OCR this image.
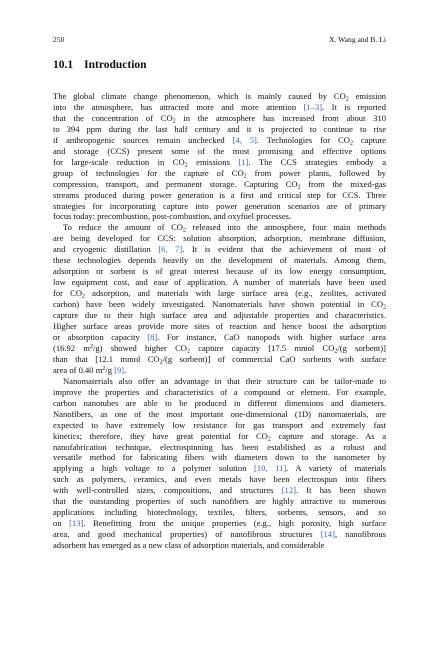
250	X. Wang and B. Li
10.1 Introduction
The global climate change phenomenon, which is mainly caused by $CO_2$ emission
into the atmosphere, has attracted more and more attention [1–3]. It is reported
that the concentration of $CO_2$ in the atmosphere has increased from about 310
to 394 ppm during the last half century and it is projected to continue to rise
if anthropogenic sources remain unchecked [4, 5]. Technologies for $CO_2$ capture
and storage (CCS) present some of the most promising and effective options
for large-scale reduction in $CO_2$ emissions [1]. The CCS strategies embody a
group of technologies for the capture of $CO_2$ from power plants, followed by
compression, transport, and permanent storage. Capturing $CO_2$ from the mixed-gas
streams produced during power generation is a first and critical step for CCS. Three
strategies for incorporating capture into power generation scenarios are of primary
focus today: precombustion, post-combustion, and oxyfuel processes.
To reduce the amount of $CO_2$ released into the atmosphere, four main methods
are being developed for CCS: solution absorption, adsorption, membrane diffusion,
and cryogenic distillation [6, 7]. It is evident that the achievement of most of
these technologies depends heavily on the development of materials. Among them,
adsorption or sorbent is of great interest because of its low energy consumption,
low equipment cost, and ease of application. A number of materials have been used
for $CO_2$ adsorption, and materials with large surface area (e.g., zeolites, activated
carbon) have been widely investigated. Nanomaterials have shown potential in $CO_2$
capture due to their high surface area and adjustable properties and characteristics.
Higher surface areas provide more sites of reaction and hence boost the adsorption
or absorption capacity [8]. For instance, CaO nanopods with higher surface area
(16.92 $m^2/g$) showed higher $CO_2$ capture capacity [17.5 mmol $CO_2/(g$ sorbent)]
than that [12.1 mmol $CO_2/(g$ sorbent)] of commercial CaO sorbents with surface
area of 0.40 $m^2/g$ [9].
Nanomaterials also offer an advantage in that their structure can be tailor-made to
improve the properties and characteristics of a compound or element. For example,
carbon nanotubes are able to be produced in different dimensions and diameters.
Nanofibers, as one of the most important one-dimensional (1D) nanomaterials, are
expected to have extremely low resistance for gas transport and extremely fast
kinetics; therefore, they have great potential for $CO_2$ capture and storage. As a
nanofabrication technique, electrospinning has been established as a robust and
versatile method for fabricating fibers with diameters down to the nanometer by
applying a high voltage to a polymer solution [10, 11]. A variety of materials
such as polymers, ceramics, and even metals have been electrospun into fibers
with well-controlled sizes, compositions, and structures [12]. It has been shown
that the outstanding properties of such nanofibers are highly attractive to numerous
applications including biotechnology, textiles, filters, sorbents, sensors, and so
on [13]. Benefitting from the unique properties (e.g., high porosity, high surface
area, and good mechanical properties) of nanofibrous structures [14], nanofibrous
adsorbent has emerged as a new class of adsorption materials, and considerable
